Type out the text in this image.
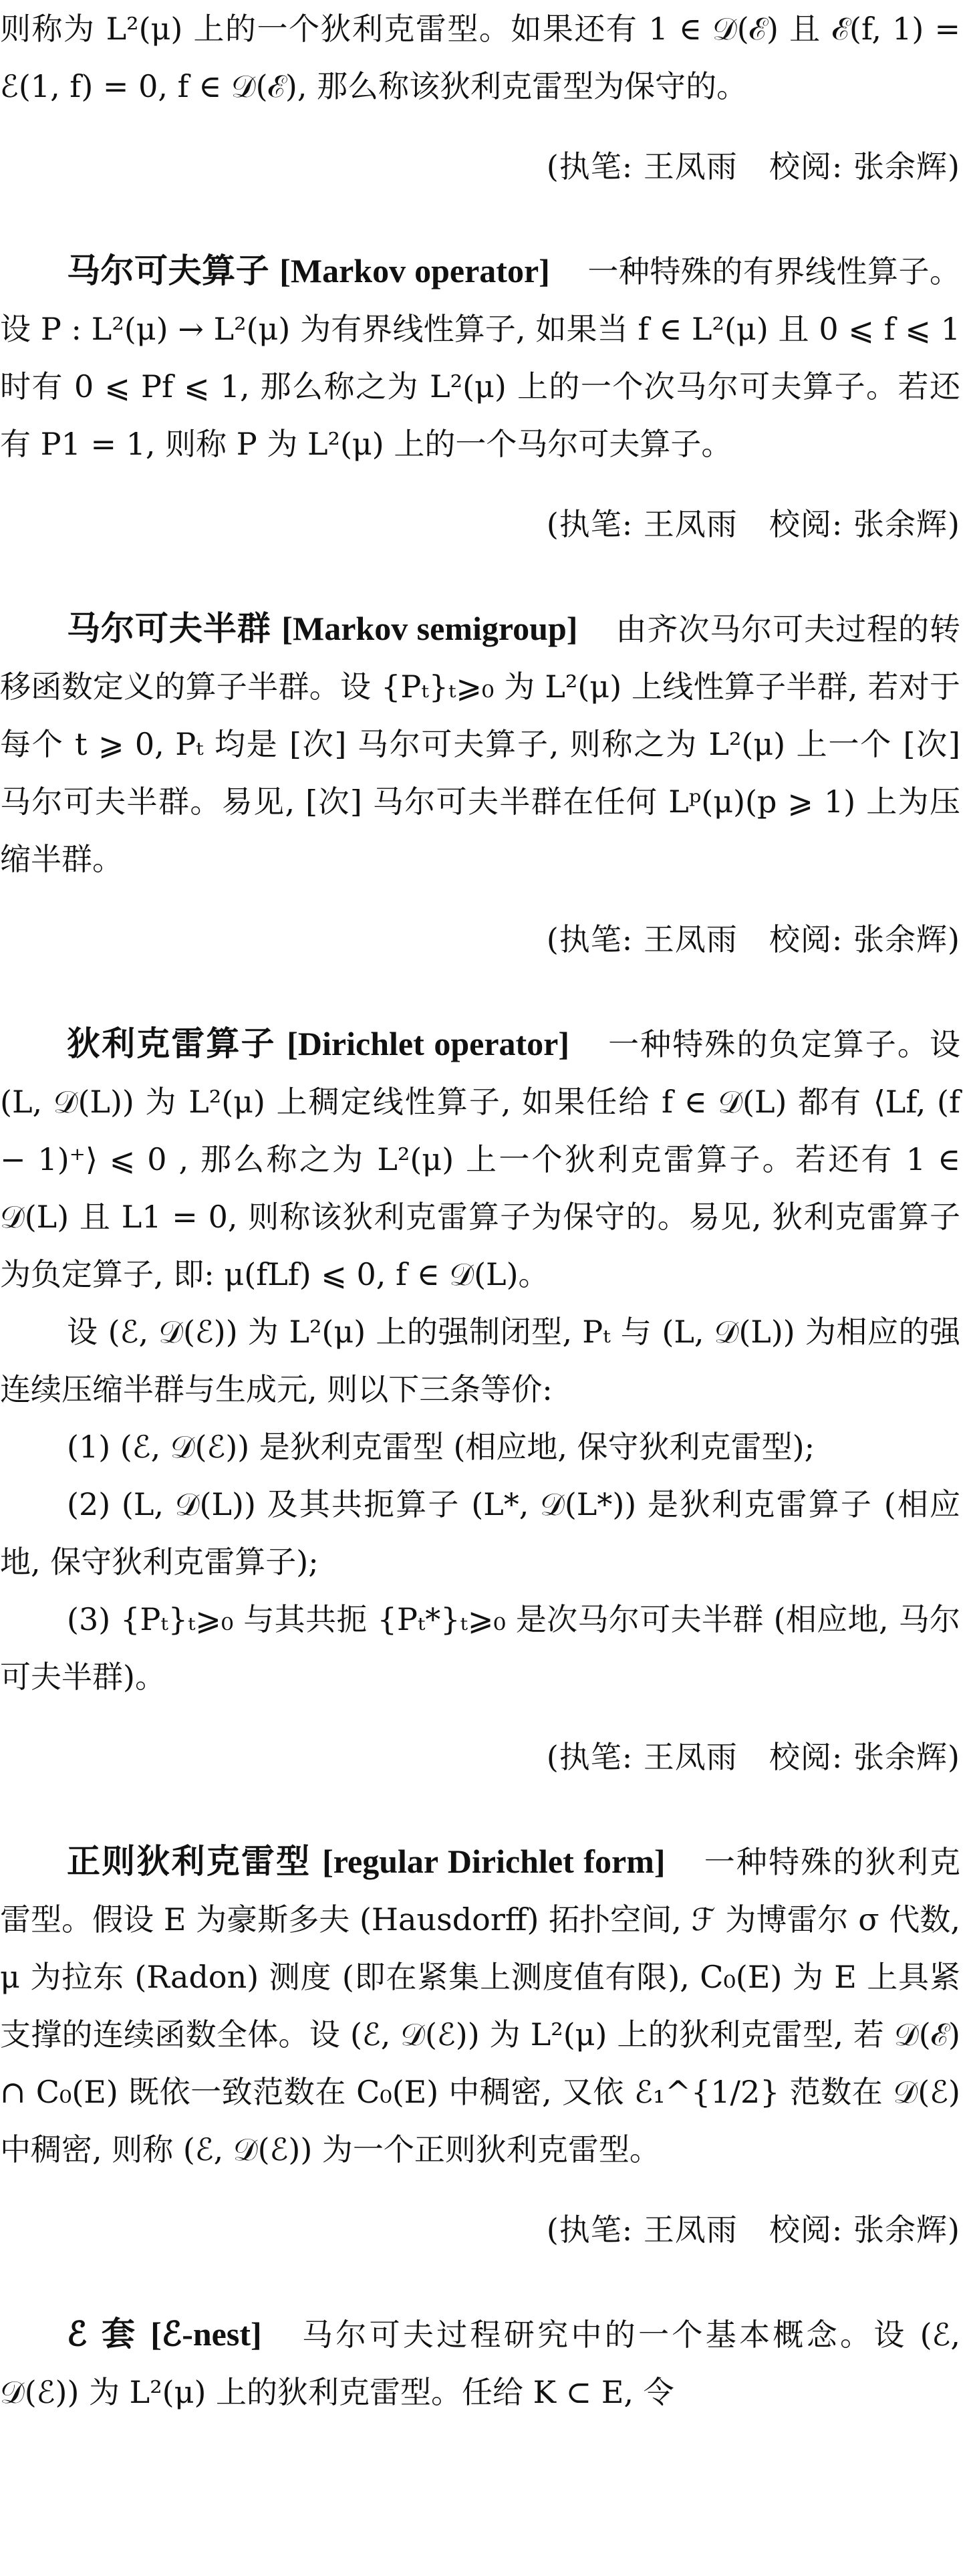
则称为 L²(μ) 上的一个狄利克雷型。如果还有 1 ∈ 𝒟(ℰ) 且 ℰ(f, 1) = ℰ(1, f) = 0, f ∈ 𝒟(ℰ), 那么称该狄利克雷型为保守的。

(执笔: 王凤雨　校阅: 张余辉)

马尔可夫算子 [Markov operator] 一种特殊的有界线性算子。设 P : L²(μ) → L²(μ) 为有界线性算子, 如果当 f ∈ L²(μ) 且 0 ⩽ f ⩽ 1 时有 0 ⩽ Pf ⩽ 1, 那么称之为 L²(μ) 上的一个次马尔可夫算子。若还有 P1 = 1, 则称 P 为 L²(μ) 上的一个马尔可夫算子。

(执笔: 王凤雨　校阅: 张余辉)

马尔可夫半群 [Markov semigroup] 由齐次马尔可夫过程的转移函数定义的算子半群。设 {Pₜ}ₜ⩾₀ 为 L²(μ) 上线性算子半群, 若对于每个 t ⩾ 0, Pₜ 均是 [次] 马尔可夫算子, 则称之为 L²(μ) 上一个 [次] 马尔可夫半群。易见, [次] 马尔可夫半群在任何 Lᵖ(μ)(p ⩾ 1) 上为压缩半群。

(执笔: 王凤雨　校阅: 张余辉)

狄利克雷算子 [Dirichlet operator] 一种特殊的负定算子。设 (L, 𝒟(L)) 为 L²(μ) 上稠定线性算子, 如果任给 f ∈ 𝒟(L) 都有 ⟨Lf, (f − 1)⁺⟩ ⩽ 0 , 那么称之为 L²(μ) 上一个狄利克雷算子。若还有 1 ∈ 𝒟(L) 且 L1 = 0, 则称该狄利克雷算子为保守的。易见, 狄利克雷算子为负定算子, 即: μ(fLf) ⩽ 0, f ∈ 𝒟(L)。

设 (ℰ, 𝒟(ℰ)) 为 L²(μ) 上的强制闭型, Pₜ 与 (L, 𝒟(L)) 为相应的强连续压缩半群与生成元, 则以下三条等价:

(1) (ℰ, 𝒟(ℰ)) 是狄利克雷型 (相应地, 保守狄利克雷型);

(2) (L, 𝒟(L)) 及其共扼算子 (L*, 𝒟(L*)) 是狄利克雷算子 (相应地, 保守狄利克雷算子);

(3) {Pₜ}ₜ⩾₀ 与其共扼 {Pₜ*}ₜ⩾₀ 是次马尔可夫半群 (相应地, 马尔可夫半群)。

(执笔: 王凤雨　校阅: 张余辉)

正则狄利克雷型 [regular Dirichlet form] 一种特殊的狄利克雷型。假设 E 为豪斯多夫 (Hausdorff) 拓扑空间, ℱ 为博雷尔 σ 代数, μ 为拉东 (Radon) 测度 (即在紧集上测度值有限), C₀(E) 为 E 上具紧支撑的连续函数全体。设 (ℰ, 𝒟(ℰ)) 为 L²(μ) 上的狄利克雷型, 若 𝒟(ℰ) ∩ C₀(E) 既依一致范数在 C₀(E) 中稠密, 又依 ℰ₁^{1/2} 范数在 𝒟(ℰ) 中稠密, 则称 (ℰ, 𝒟(ℰ)) 为一个正则狄利克雷型。

(执笔: 王凤雨　校阅: 张余辉)

ℰ 套 [ℰ-nest] 马尔可夫过程研究中的一个基本概念。设 (ℰ, 𝒟(ℰ)) 为 L²(μ) 上的狄利克雷型。任给 K ⊂ E, 令
